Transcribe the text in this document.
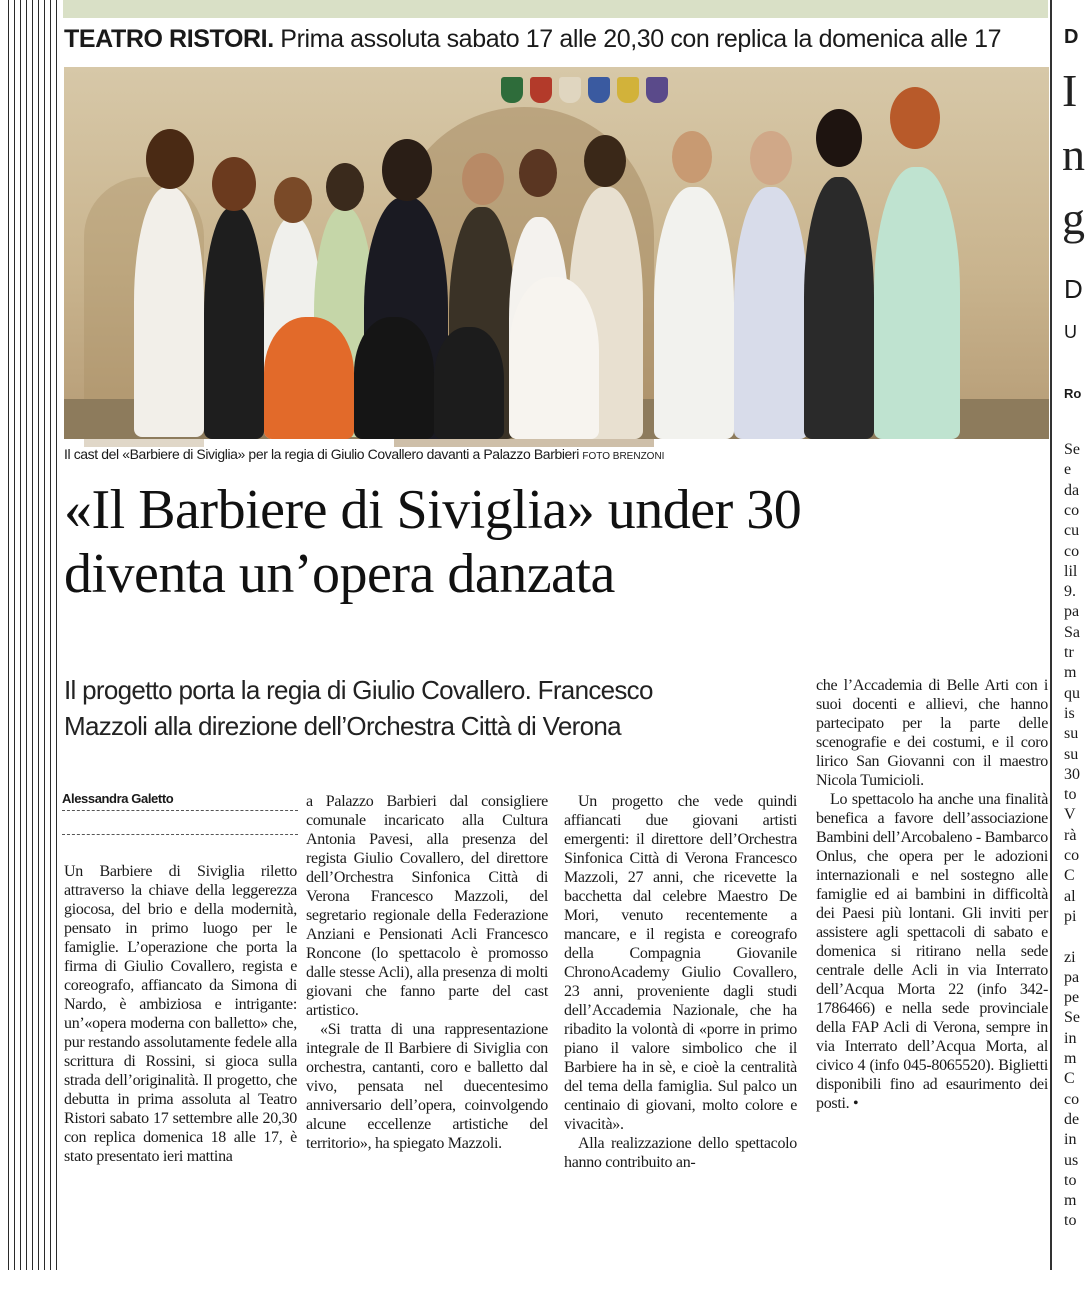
TEATRO RISTORI. Prima assoluta sabato 17 alle 20,30 con replica la domenica alle 17
Il cast del «Barbiere di Siviglia» per la regia di Giulio Covallero davanti a Palazzo Barbieri FOTO BRENZONI
«Il Barbiere di Siviglia» under 30
diventa un’opera danzata

Il progetto porta la regia di Giulio Covallero. Francesco

Mazzoli alla direzione dell’Orchestra Città di Verona

Alessandra Galetto

Un Barbiere di Siviglia riletto attraverso la chiave della leggerezza giocosa, del brio e della modernità, pensato in primo luogo per le famiglie. L’operazione che porta la firma di Giulio Covallero, regista e coreografo, affiancato da Simona di Nardo, è ambiziosa e intrigante: un’«opera moderna con balletto» che, pur restando assolutamente fedele alla scrittura di Rossini, si gioca sulla strada dell’originalità. Il progetto, che debutta in prima assoluta al Teatro Ristori sabato 17 settembre alle 20,30 con replica domenica 18 alle 17, è stato presentato ieri mattina

a Palazzo Barbieri dal consigliere comunale incaricato alla Cultura Antonia Pavesi, alla presenza del regista Giulio Covallero, del direttore dell’Orchestra Sinfonica Città di Verona Francesco Mazzoli, del segretario regionale della Federazione Anziani e Pensionati Acli Francesco Roncone (lo spettacolo è promosso dalle stesse Acli), alla presenza di molti giovani che fanno parte del cast artistico.

«Si tratta di una rappresentazione integrale de Il Barbiere di Siviglia con orchestra, cantanti, coro e balletto dal vivo, pensata nel duecentesimo anniversario dell’opera, coinvolgendo alcune eccellenze artistiche del territorio», ha spiegato Mazzoli.

Un progetto che vede quindi affiancati due giovani artisti emergenti: il direttore dell’Orchestra Sinfonica Città di Verona Francesco Mazzoli, 27 anni, che ricevette la bacchetta dal celebre Maestro De Mori, venuto recentemente a mancare, e il regista e coreografo della Compagnia Giovanile ChronoAcademy Giulio Covallero, 23 anni, proveniente dagli studi dell’Accademia Nazionale, che ha ribadito la volontà di «porre in primo piano il valore simbolico che il Barbiere ha in sè, e cioè la centralità del tema della famiglia. Sul palco un centinaio di giovani, molto colore e vivacità».

Alla realizzazione dello spettacolo hanno contribuito an-

che l’Accademia di Belle Arti con i suoi docenti e allievi, che hanno partecipato per la parte delle scenografie e dei costumi, e il coro lirico San Giovanni con il maestro Nicola Tumicioli.

Lo spettacolo ha anche una finalità benefica a favore dell’associazione Bambini dell’Arcobaleno - Bambarco Onlus, che opera per le adozioni internazionali e nel sostegno alle famiglie ed ai bambini in difficoltà dei Paesi più lontani. Gli inviti per assistere agli spettacoli di sabato e domenica si ritirano nella sede centrale delle Acli in via Interrato dell’Acqua Morta 22 (info 342-1786466) e nella sede provinciale della FAP Acli di Verona, sempre in via Interrato dell’Acqua Morta, al civico 4 (info 045-8065520). Biglietti disponibili fino ad esaurimento dei posti. •

D
I
n
g
D
U
Ro
Se
e
da
co
cu
co
lil
9.
pa
Sa
tr
m
qu
is
su
su
30
to
V
rà
co
C
al
pi
zi
pa
pe
Se
in
m
C
co
de
in
us
to
m
to
